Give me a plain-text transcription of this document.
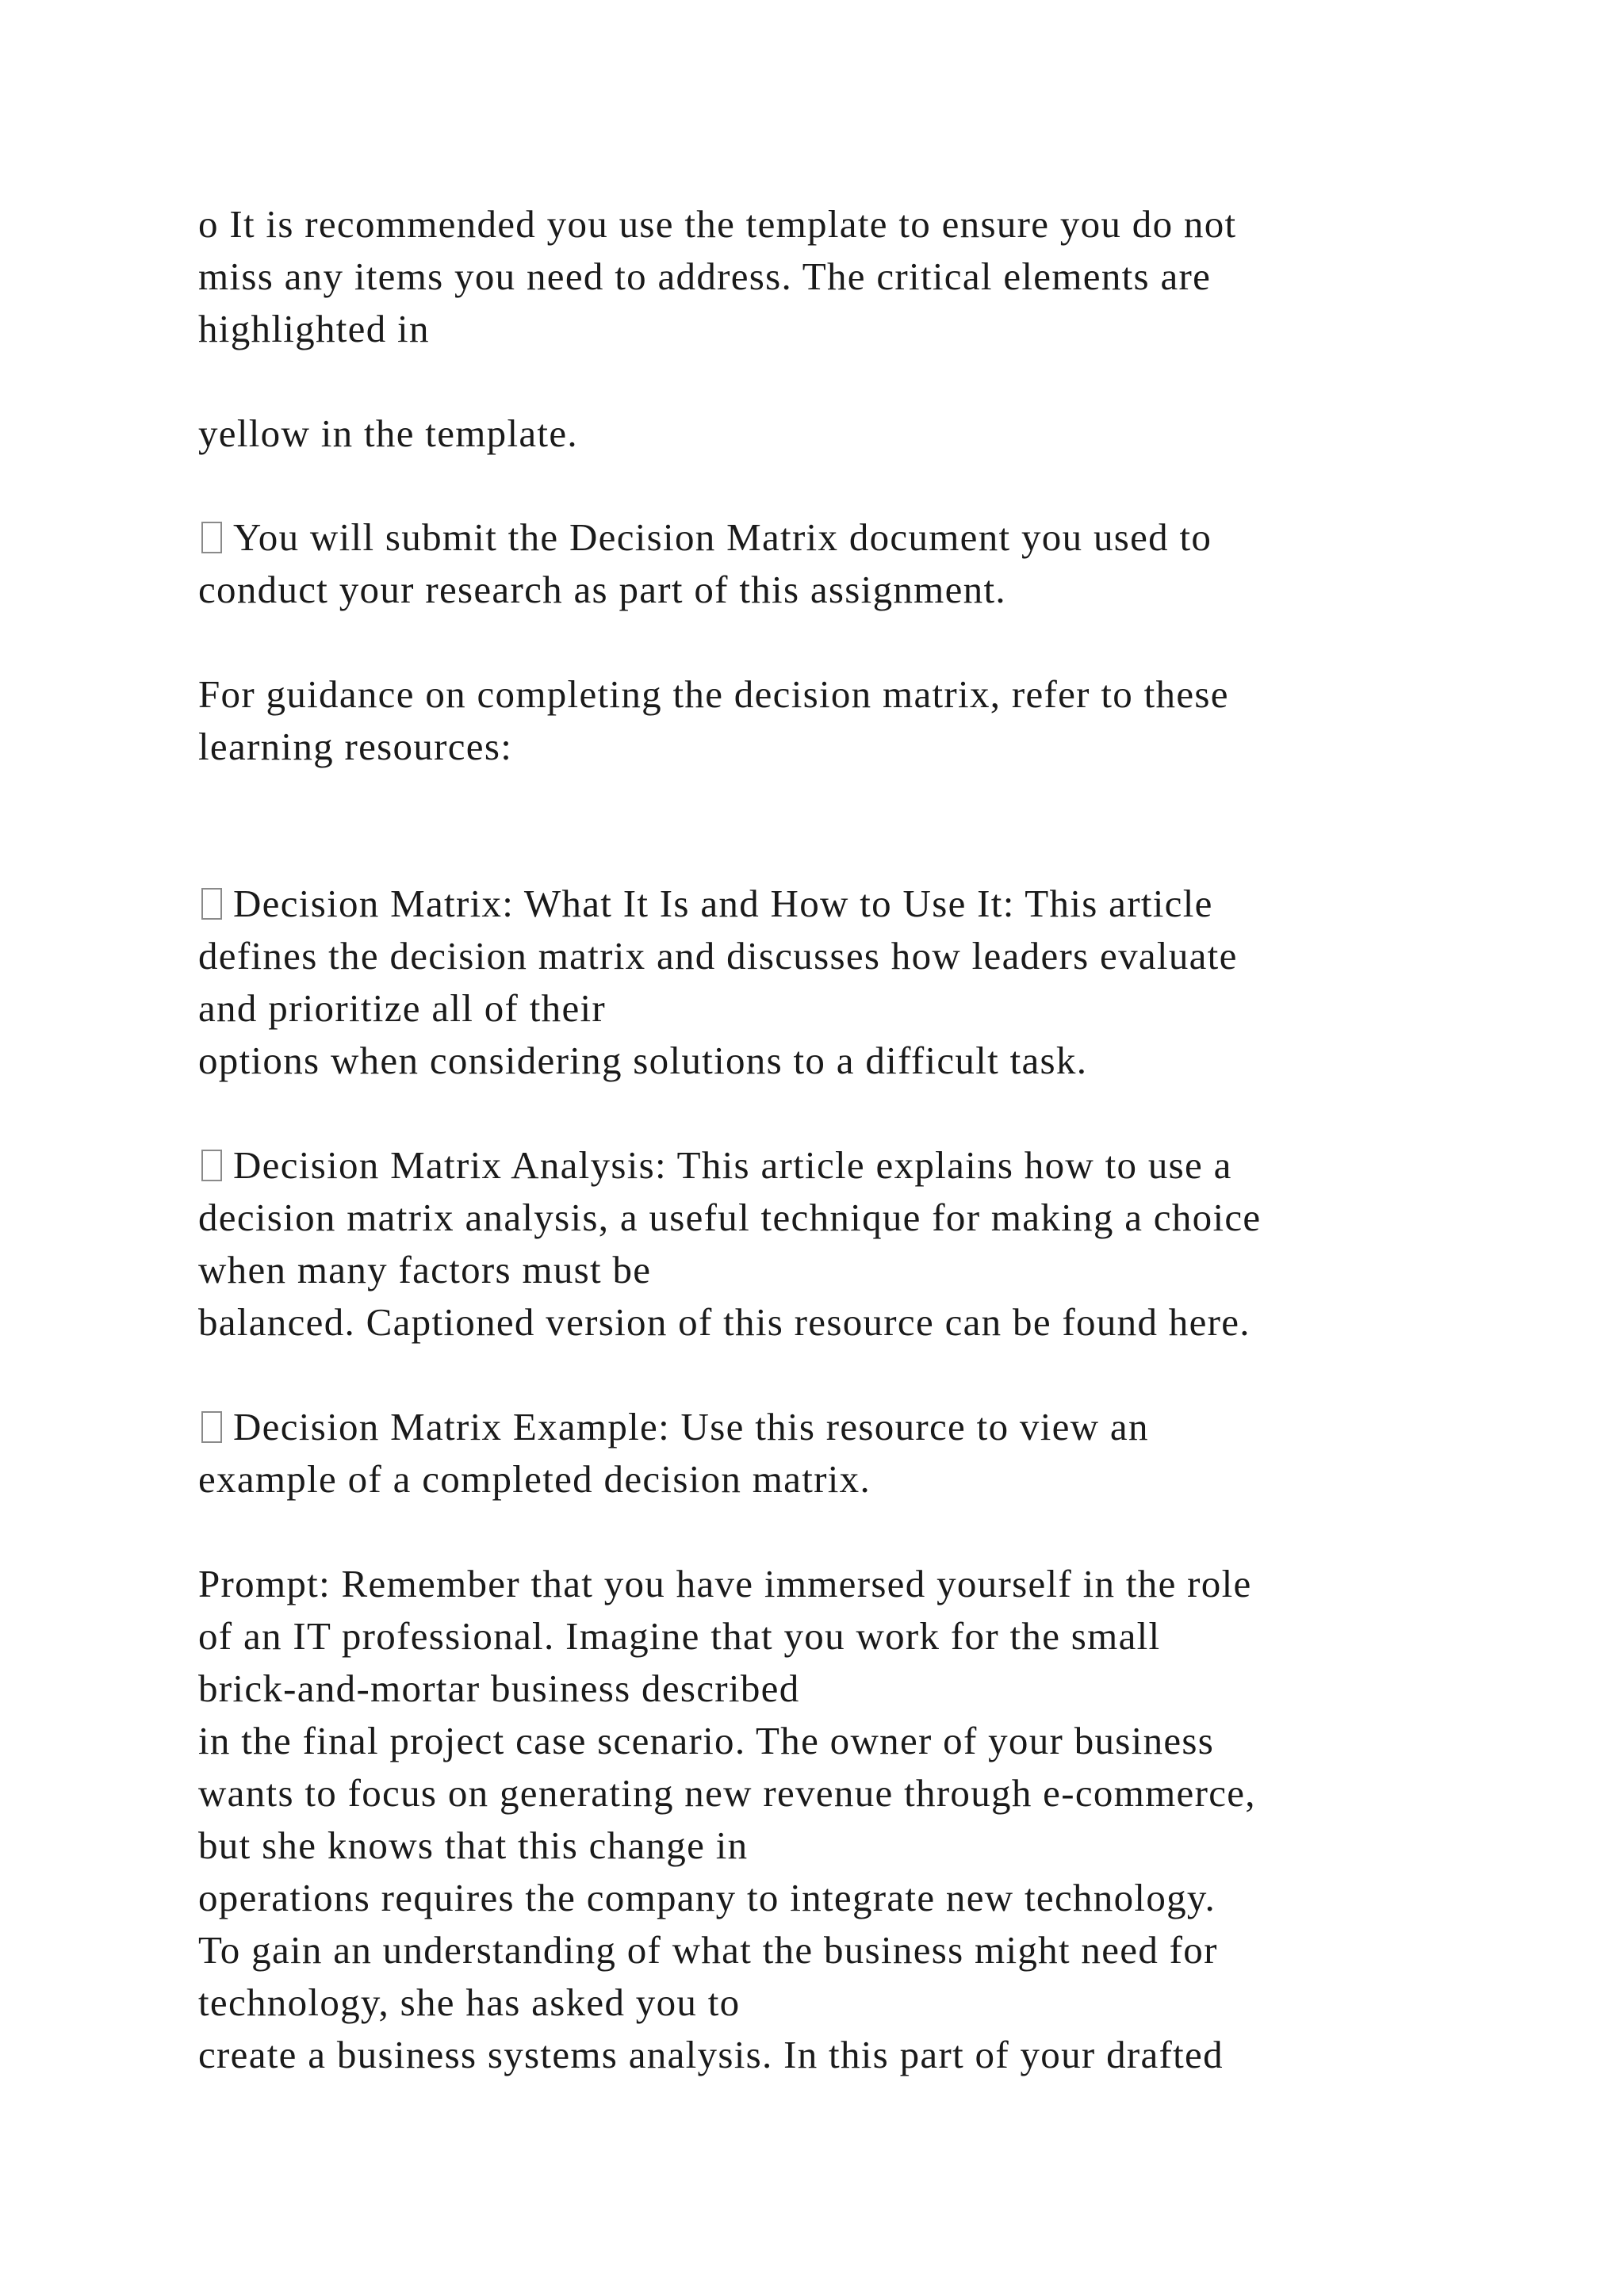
o It is recommended you use the template to ensure you do not
miss any items you need to address. The critical elements are
highlighted in
yellow in the template.
You will submit the Decision Matrix document you used to
conduct your research as part of this assignment.
For guidance on completing the decision matrix, refer to these
learning resources:
Decision Matrix: What It Is and How to Use It: This article
defines the decision matrix and discusses how leaders evaluate
and prioritize all of their
options when considering solutions to a difficult task.
Decision Matrix Analysis: This article explains how to use a
decision matrix analysis, a useful technique for making a choice
when many factors must be
balanced. Captioned version of this resource can be found here.
Decision Matrix Example: Use this resource to view an
example of a completed decision matrix.
Prompt: Remember that you have immersed yourself in the role
of an IT professional. Imagine that you work for the small
brick-and-mortar business described
in the final project case scenario. The owner of your business
wants to focus on generating new revenue through e-commerce,
but she knows that this change in
operations requires the company to integrate new technology.
To gain an understanding of what the business might need for
technology, she has asked you to
create a business systems analysis. In this part of your drafted
